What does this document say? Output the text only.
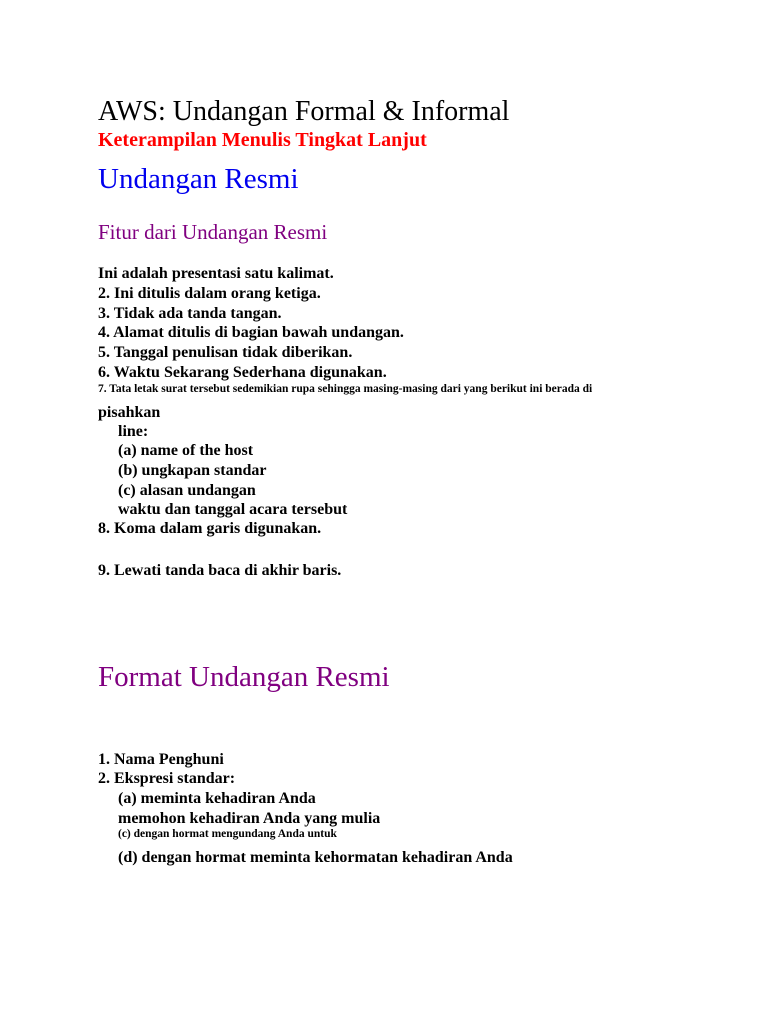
AWS: Undangan Formal & Informal
Keterampilan Menulis Tingkat Lanjut
Undangan Resmi
Fitur dari Undangan Resmi
Ini adalah presentasi satu kalimat.
2. Ini ditulis dalam orang ketiga.
3. Tidak ada tanda tangan.
4. Alamat ditulis di bagian bawah undangan.
5. Tanggal penulisan tidak diberikan.
6. Waktu Sekarang Sederhana digunakan.
7. Tata letak surat tersebut sedemikian rupa sehingga masing-masing dari yang berikut ini berada di
pisahkan
line:
(a) name of the host
(b) ungkapan standar
(c) alasan undangan
waktu dan tanggal acara tersebut
8. Koma dalam garis digunakan.
9. Lewati tanda baca di akhir baris.
Format Undangan Resmi
1. Nama Penghuni
2. Ekspresi standar:
(a) meminta kehadiran Anda
memohon kehadiran Anda yang mulia
(c) dengan hormat mengundang Anda untuk
(d) dengan hormat meminta kehormatan kehadiran Anda
